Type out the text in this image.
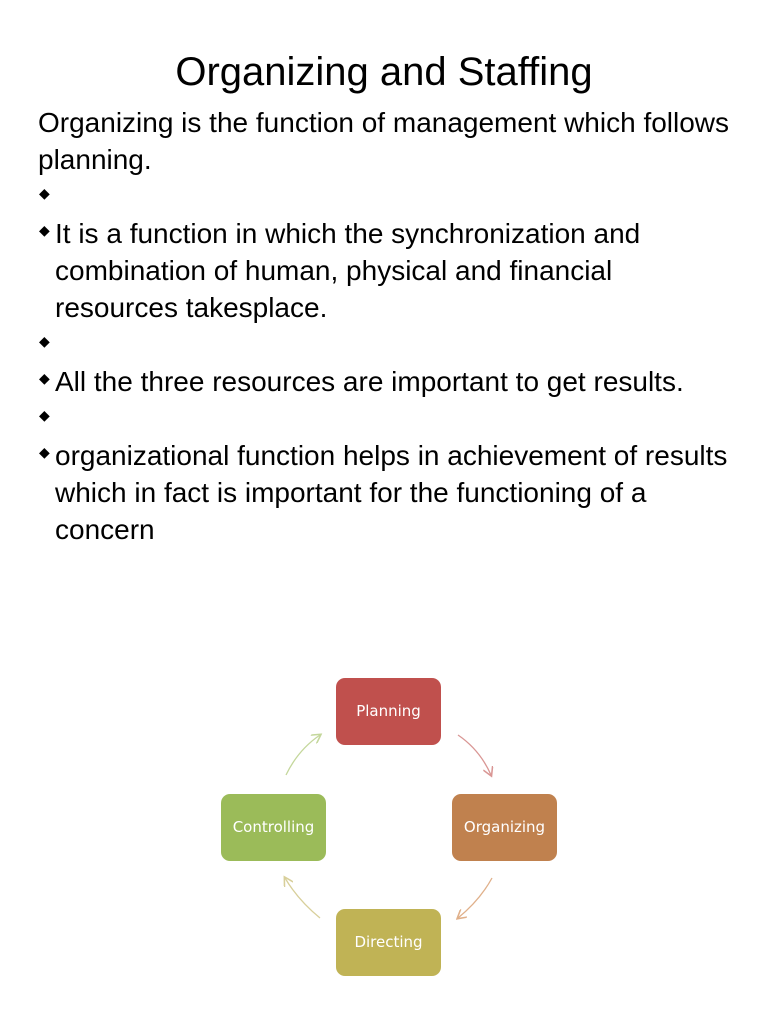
Organizing and Staffing

Organizing is the function of management which follows planning.

◆
◆ It is a function in which the synchronization and combination of human, physical and financial resources takesplace.
◆
◆ All the three resources are important to get results.
◆
◆ organizational function helps in achievement of results which in fact is important for the functioning of a concern
Planning
Organizing
Directing
Controlling
